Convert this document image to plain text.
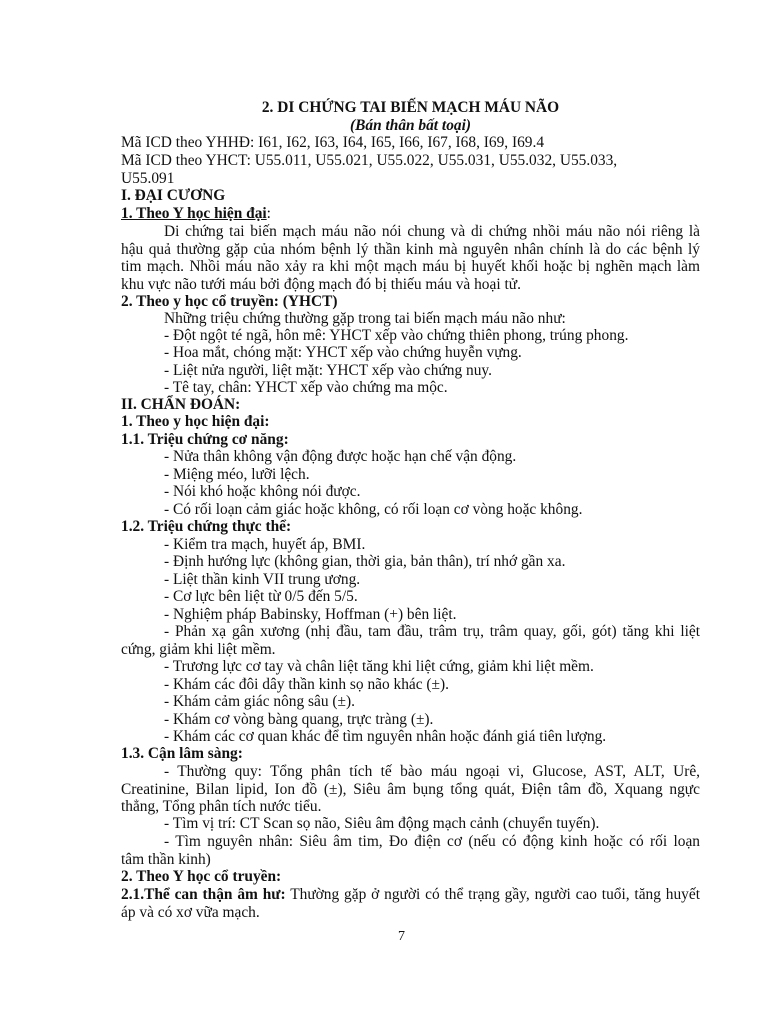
2. DI CHỨNG TAI BIẾN MẠCH MÁU NÃO
(Bán thân bất toại)
Mã ICD theo YHHĐ: I61, I62, I63, I64, I65, I66, I67, I68, I69, I69.4
Mã ICD theo YHCT: U55.011, U55.021, U55.022, U55.031, U55.032, U55.033,
U55.091
I. ĐẠI CƯƠNG
1. Theo Y học hiện đại:
Di chứng tai biến mạch máu não nói chung và di chứng nhồi máu não nói riêng là
hậu quả thường gặp của nhóm bệnh lý thần kinh mà nguyên nhân chính là do các bệnh lý
tim mạch. Nhồi máu não xảy ra khi một mạch máu bị huyết khối hoặc bị nghẽn mạch làm
khu vực não tưới máu bởi động mạch đó bị thiếu máu và hoại tử.
2. Theo y học cổ truyền: (YHCT)
Những triệu chứng thường gặp trong tai biến mạch máu não như:
- Đột ngột té ngã, hôn mê: YHCT xếp vào chứng thiên phong, trúng phong.
- Hoa mắt, chóng mặt: YHCT xếp vào chứng huyễn vựng.
- Liệt nửa người, liệt mặt: YHCT xếp vào chứng nuy.
- Tê tay, chân: YHCT xếp vào chứng ma mộc.
II. CHẨN ĐOÁN:
1. Theo y học hiện đại:
1.1. Triệu chứng cơ năng:
- Nửa thân không vận động được hoặc hạn chế vận động.
- Miệng méo, lưỡi lệch.
- Nói khó hoặc không nói được.
- Có rối loạn cảm giác hoặc không, có rối loạn cơ vòng hoặc không.
1.2. Triệu chứng thực thể:
- Kiểm tra mạch, huyết áp, BMI.
- Định hướng lực (không gian, thời gia, bản thân), trí nhớ gần xa.
- Liệt thần kinh VII trung ương.
- Cơ lực bên liệt từ 0/5 đến 5/5.
- Nghiệm pháp Babinsky, Hoffman (+) bên liệt.
- Phản xạ gân xương (nhị đầu, tam đầu, trâm trụ, trâm quay, gối, gót) tăng khi liệt
cứng, giảm khi liệt mềm.
- Trương lực cơ tay và chân liệt tăng khi liệt cứng, giảm khi liệt mềm.
- Khám các đôi dây thần kinh sọ não khác (±).
- Khám cảm giác nông sâu (±).
- Khám cơ vòng bàng quang, trực tràng (±).
- Khám các cơ quan khác để tìm nguyên nhân hoặc đánh giá tiên lượng.
1.3. Cận lâm sàng:
- Thường quy: Tổng phân tích tế bào máu ngoại vi, Glucose, AST, ALT, Urê,
Creatinine, Bilan lipid, Ion đồ (±), Siêu âm bụng tổng quát, Điện tâm đồ, Xquang ngực
thẳng, Tổng phân tích nước tiểu.
- Tìm vị trí: CT Scan sọ não, Siêu âm động mạch cảnh (chuyển tuyến).
- Tìm nguyên nhân: Siêu âm tim, Đo điện cơ (nếu có động kinh hoặc có rối loạn
tâm thần kinh)
2. Theo Y học cổ truyền:
2.1.Thể can thận âm hư: Thường gặp ở người có thể trạng gầy, người cao tuổi, tăng huyết
áp và có xơ vữa mạch.
7
